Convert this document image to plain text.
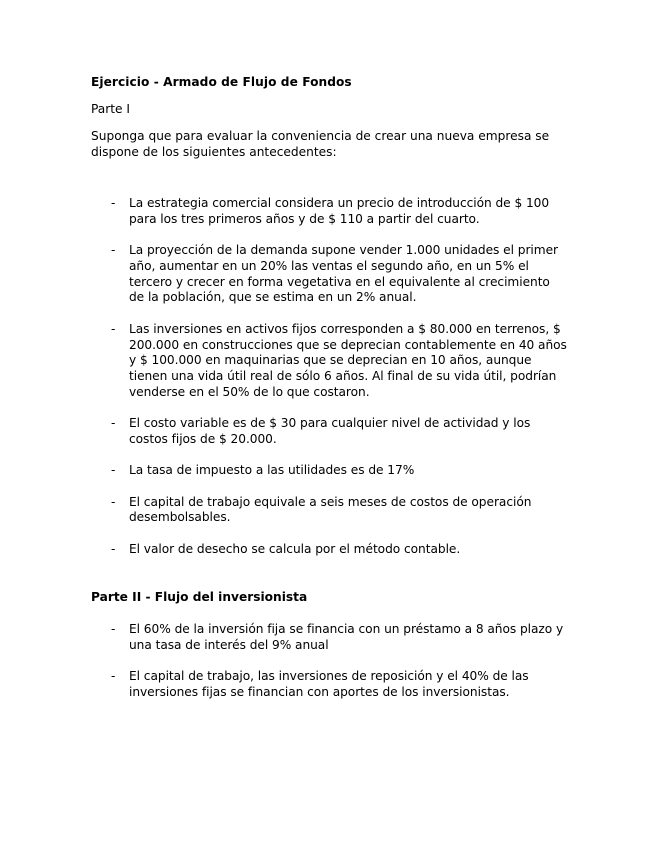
Ejercicio - Armado de Flujo de Fondos
Parte I
Suponga que para evaluar la conveniencia de crear una nueva empresa se dispone de los siguientes antecedentes:
- La estrategia comercial considera un precio de introducción de $ 100 para los tres primeros años y de $ 110 a partir del cuarto.
- La proyección de la demanda supone vender 1.000 unidades el primer año, aumentar en un 20% las ventas el segundo año, en un 5% el tercero y crecer en forma vegetativa en el equivalente al crecimiento de la población, que se estima en un 2% anual.
- Las inversiones en activos fijos corresponden a $ 80.000 en terrenos, $ 200.000 en construcciones que se deprecian contablemente en 40 años y $ 100.000 en maquinarias que se deprecian en 10 años, aunque tienen una vida útil real de sólo 6 años. Al final de su vida útil, podrían venderse en el 50% de lo que costaron.
- El costo variable es de $ 30 para cualquier nivel de actividad y los costos fijos de $ 20.000.
- La tasa de impuesto a las utilidades es de 17%
- El capital de trabajo equivale a seis meses de costos de operación desembolsables.
- El valor de desecho se calcula por el método contable.
Parte II - Flujo del inversionista
- El 60% de la inversión fija se financia con un préstamo a 8 años plazo y una tasa de interés del 9% anual
- El capital de trabajo, las inversiones de reposición y el 40% de las inversiones fijas se financian con aportes de los inversionistas.
